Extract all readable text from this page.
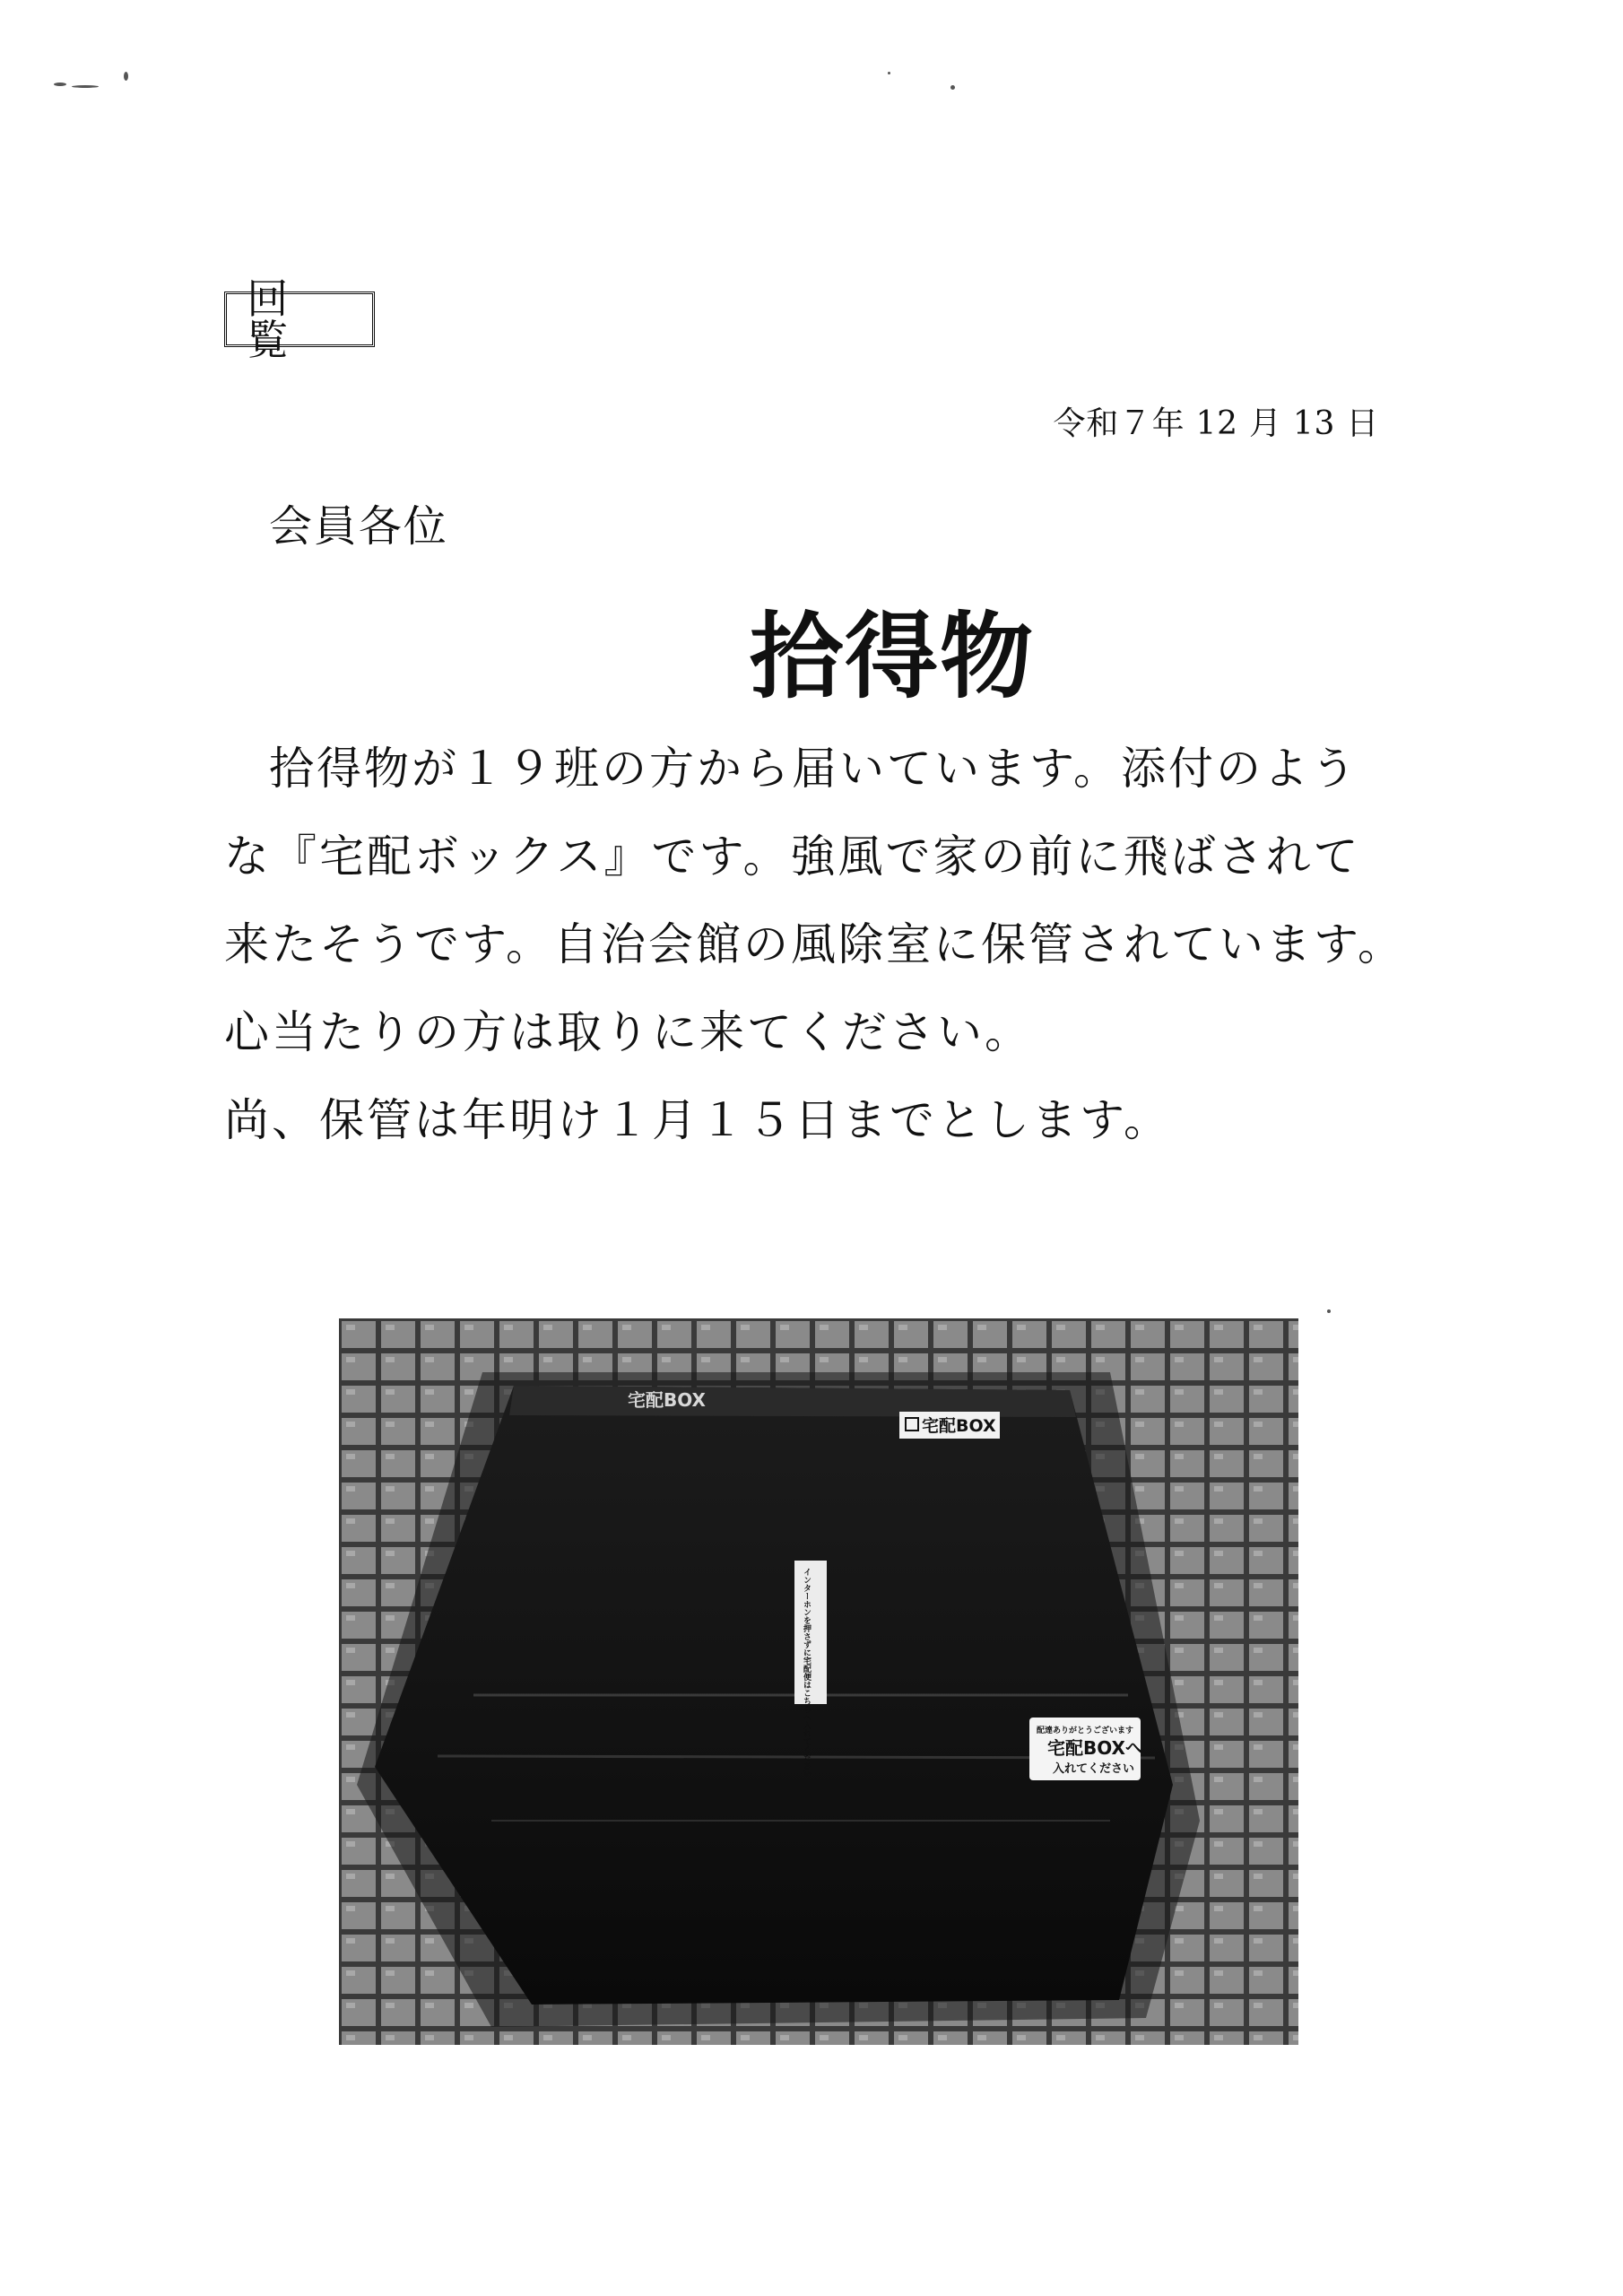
回　覧
令和７年 12 月 13 日
会員各位
拾得物
拾得物が１９班の方から届いています。添付のよう
な『宅配ボックス』です。強風で家の前に飛ばされて
来たそうです。自治会館の風除室に保管されています。
心当たりの方は取りに来てください。
尚、保管は年明け１月１５日までとします。
宅配BOX
宅配BOX
インターホンを押さずに宅配便はこちらへ入れてください	配達ありがとうございます
宅配BOXへ
入れてください
